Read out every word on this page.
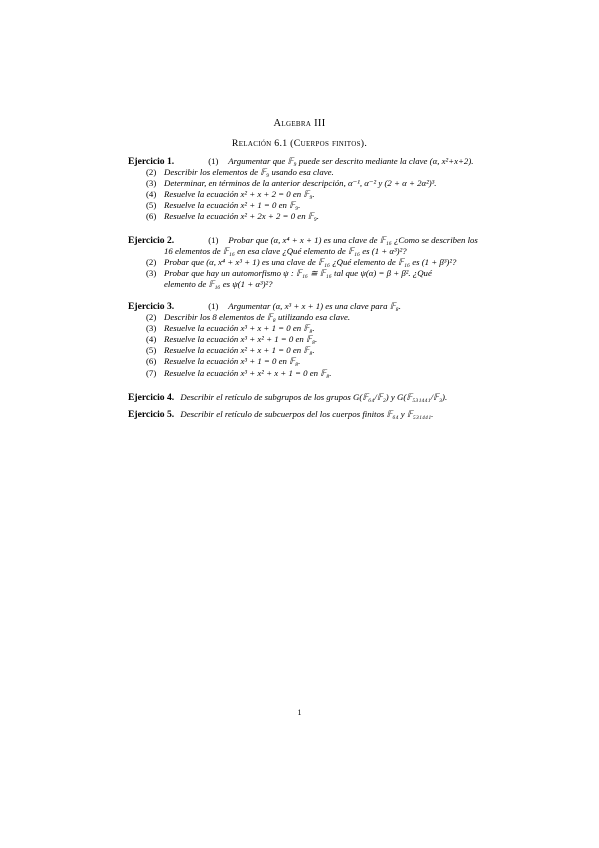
Algebra III
Relación 6.1 (Cuerpos finitos).
Ejercicio 1.	(1) Argumentar que 𝔽₉ puede ser descrito mediante la clave (α, x²+x+2).
(2) Describir los elementos de 𝔽₉ usando esa clave.
(3) Determinar, en términos de la anterior descripción, α⁻¹, α⁻² y (2 + α + 2α²)³.
(4) Resuelve la ecuación x² + x + 2 = 0 en 𝔽₉.
(5) Resuelve la ecuación x² + 1 = 0 en 𝔽₉.
(6) Resuelve la ecuación x² + 2x + 2 = 0 en 𝔽₉.
Ejercicio 2.	(1) Probar que (α, x⁴ + x + 1) es una clave de 𝔽₁₆ ¿Como se describen los
16 elementos de 𝔽₁₆ en esa clave ¿Qué elemento de 𝔽₁₆ es (1 + α³)²?
(2) Probar que (α, x⁴ + x³ + 1) es una clave de 𝔽₁₆ ¿Qué elemento de 𝔽₁₆ es (1 + β³)²?
(3) Probar que hay un automorfismo ψ : 𝔽₁₆ ≅ 𝔽₁₆ tal que ψ(α) = β + β². ¿Qué
elemento de 𝔽₁₆ es ψ(1 + α³)²?
Ejercicio 3.	(1) Argumentar (α, x³ + x + 1) es una clave para 𝔽₈.
(2) Describir los 8 elementos de 𝔽₈ utilizando esa clave.
(3) Resuelve la ecuación x³ + x + 1 = 0 en 𝔽₈.
(4) Resuelve la ecuación x³ + x² + 1 = 0 en 𝔽₈.
(5) Resuelve la ecuación x² + x + 1 = 0 en 𝔽₈.
(6) Resuelve la ecuación x³ + 1 = 0 en 𝔽₈.
(7) Resuelve la ecuación x³ + x² + x + 1 = 0 en 𝔽₈.
Ejercicio 4. Describir el retículo de subgrupos de los grupos G(𝔽₆₄/𝔽₂) y G(𝔽₅₃₁₄₄₁/𝔽₃).
Ejercicio 5. Describir el retículo de subcuerpos del los cuerpos finitos 𝔽₆₄ y 𝔽₅₃₁₄₄₁.
1
